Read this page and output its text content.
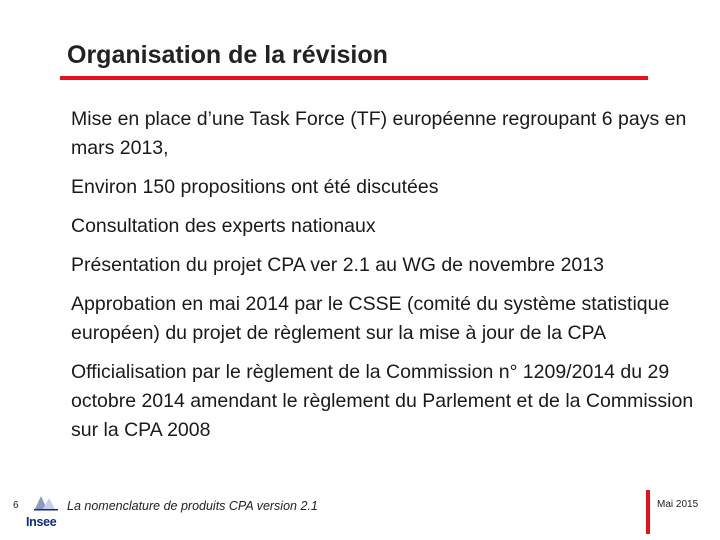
Organisation de la révision
Mise en place d’une Task Force (TF) européenne regroupant 6 pays en mars 2013,
Environ 150 propositions ont été discutées
Consultation des experts nationaux
Présentation du projet CPA ver 2.1 au WG de novembre 2013
Approbation en mai 2014 par le CSSE (comité du système statistique européen) du projet de règlement sur la mise à jour de la CPA
Officialisation par le règlement de la Commission n° 1209/2014 du 29 octobre 2014 amendant le règlement du Parlement et de la Commission sur la CPA 2008
6
Insee
La nomenclature de produits CPA version 2.1	Mai 2015
